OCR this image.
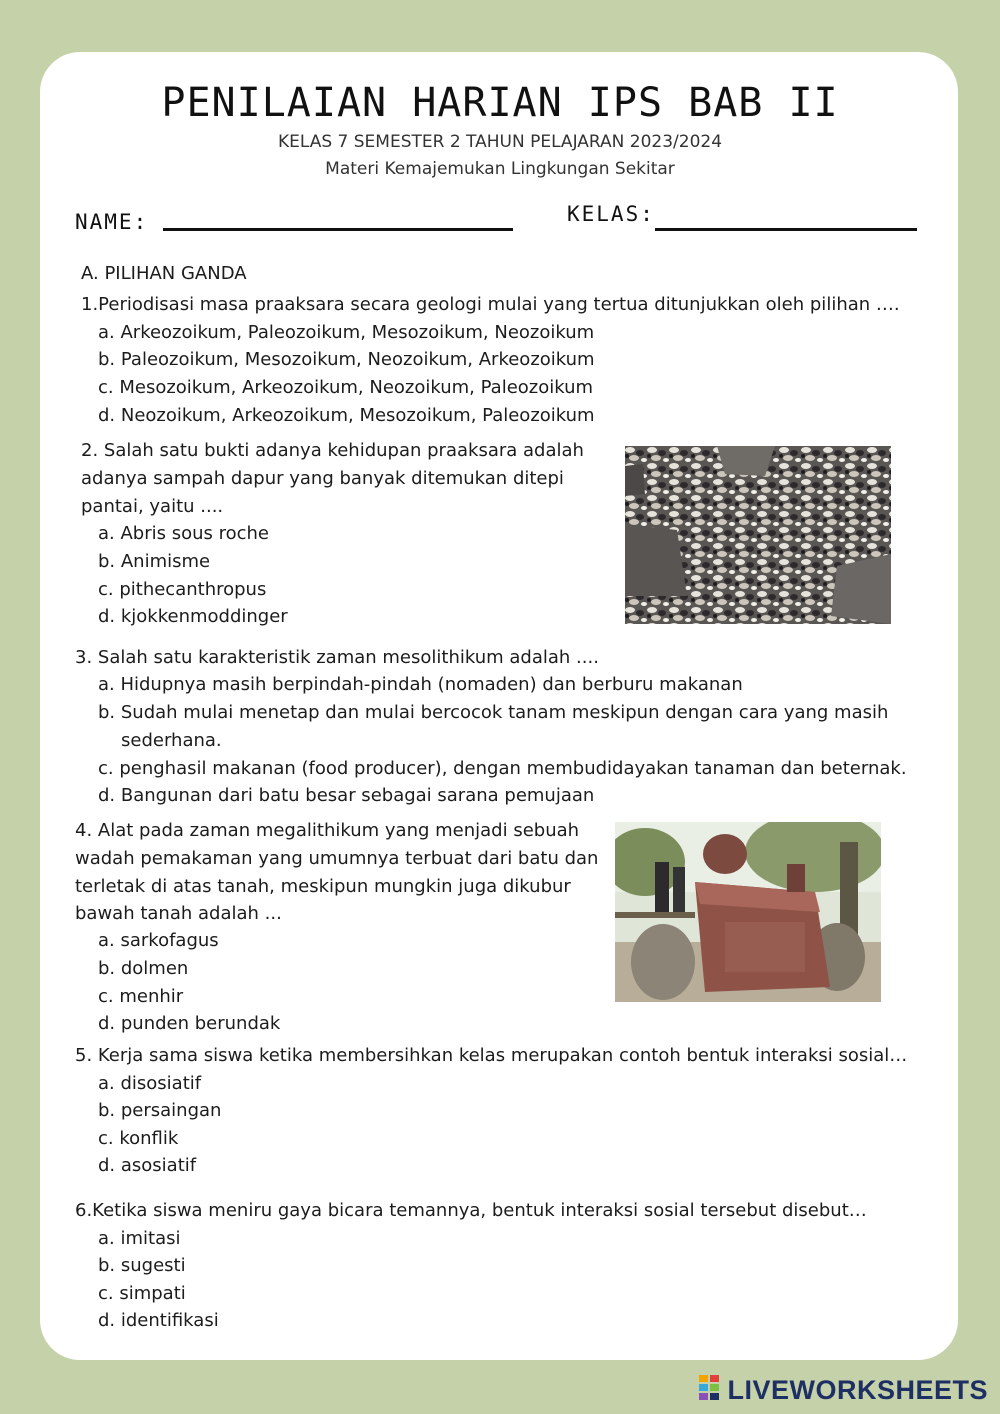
PENILAIAN HARIAN IPS BAB II
KELAS 7 SEMESTER 2 TAHUN PELAJARAN 2023/2024
Materi Kemajemukan Lingkungan Sekitar
NAME:	KELAS:
A. PILIHAN GANDA
1.Periodisasi masa praaksara secara geologi mulai yang tertua ditunjukkan oleh pilihan ….
a. Arkeozoikum, Paleozoikum, Mesozoikum, Neozoikum
b. Paleozoikum, Mesozoikum, Neozoikum, Arkeozoikum
c. Mesozoikum, Arkeozoikum, Neozoikum, Paleozoikum
d. Neozoikum, Arkeozoikum, Mesozoikum, Paleozoikum
2. Salah satu bukti adanya kehidupan praaksara adalah
adanya sampah dapur yang banyak ditemukan ditepi
pantai, yaitu ....
a. Abris sous roche
b. Animisme
c. pithecanthropus
d. kjokkenmoddinger
3. Salah satu karakteristik zaman mesolithikum adalah ....
a. Hidupnya masih berpindah-pindah (nomaden) dan berburu makanan
b. Sudah mulai menetap dan mulai bercocok tanam meskipun dengan cara yang masih
sederhana.
c. penghasil makanan (food producer), dengan membudidayakan tanaman dan beternak.
d. Bangunan dari batu besar sebagai sarana pemujaan
4. Alat pada zaman megalithikum yang menjadi sebuah
wadah pemakaman yang umumnya terbuat dari batu dan
terletak di atas tanah, meskipun mungkin juga dikubur
bawah tanah adalah ...
a. sarkofagus
b. dolmen
c. menhir
d. punden berundak
5. Kerja sama siswa ketika membersihkan kelas merupakan contoh bentuk interaksi sosial…
a. disosiatif
b. persaingan
c. konflik
d. asosiatif
6.Ketika siswa meniru gaya bicara temannya, bentuk interaksi sosial tersebut disebut…
a. imitasi
b. sugesti
c. simpati
d. identifikasi
LIVEWORKSHEETS
